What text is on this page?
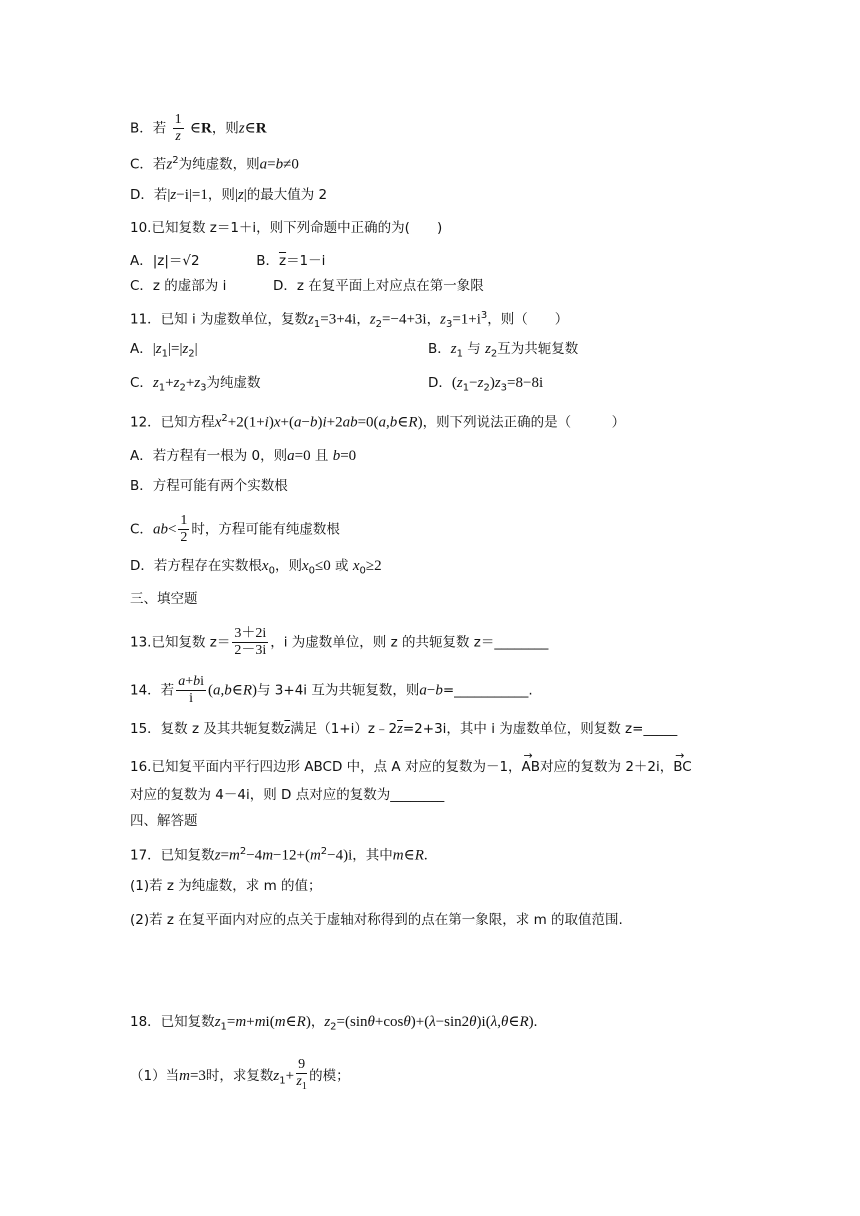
B．若 $\frac{1}{z}$ ∈R，则z∈R
C．若$z^2$为纯虚数，则a=b≠0
D．若|z−i|=1，则|z|的最大值为 2
10.已知复数 z＝1＋i，则下列命题中正确的为(　　)
A．|z|＝√2	B．$\overline{z}=1-i$
C．z 的虚部为 i	D．z 在复平面上对应点在第一象限
11．已知 i 为虚数单位，复数$z_1=3+4i$，$z_2=-4+3i$，$z_3=1+i^3$，则（　　）
A．$|z_1|=|z_2|$	B．$z_1$ 与 $z_2$互为共轭复数
C．$z_1+z_2+z_3$为纯虚数	D．$(z_1-z_2)z_3=8-8i$
12．已知方程$x^2+2(1+i)x+(a-b)i+2ab=0(a,b\in R)$，则下列说法正确的是（　　　）
A．若方程有一根为 0，则a=0 且 b=0
B．方程可能有两个实数根
C．$ab< \frac{1}{2}$ 时，方程可能有纯虚数根
D．若方程存在实数根$x_0$，则$x_0\le 0$ 或 $x_0\ge 2$
三、填空题
13.已知复数 $z= \frac{3+2i}{2-3i}$ ，i 为虚数单位，则 z 的共轭复数 z＝________
14．若 $\frac{a+bi}{i}$ (a,b∈R)与 3+4i 互为共轭复数，则a−b=___________.
15．复数 z 及其共轭复数$\overline{z}$满足$(1+i)z﹣2\overline{z}=2+3i$，其中 i 为虚数单位，则复数 z=_____
16.已知复平面内平行四边形 ABCD 中，点 A 对应的复数为－1，→ AB对应的复数为 2＋2i，→ BC
对应的复数为 4－4i，则 D 点对应的复数为________
四、解答题
17．已知复数$z=m^2-4m-12+(m^2-4)i$，其中m∈R.
(1)若 z 为纯虚数，求 m 的值；
(2)若 z 在复平面内对应的点关于虚轴对称得到的点在第一象限，求 m 的取值范围.
18．已知复数$z_1=m+mi(m\in R)$，$z_2=(\sin\theta+\cos\theta)+(\lambda-\sin 2\theta)i(\lambda,\theta\in R)$.
（1）当m=3时，求复数$z_1+ \frac{9}{z_1}$ 的模；
